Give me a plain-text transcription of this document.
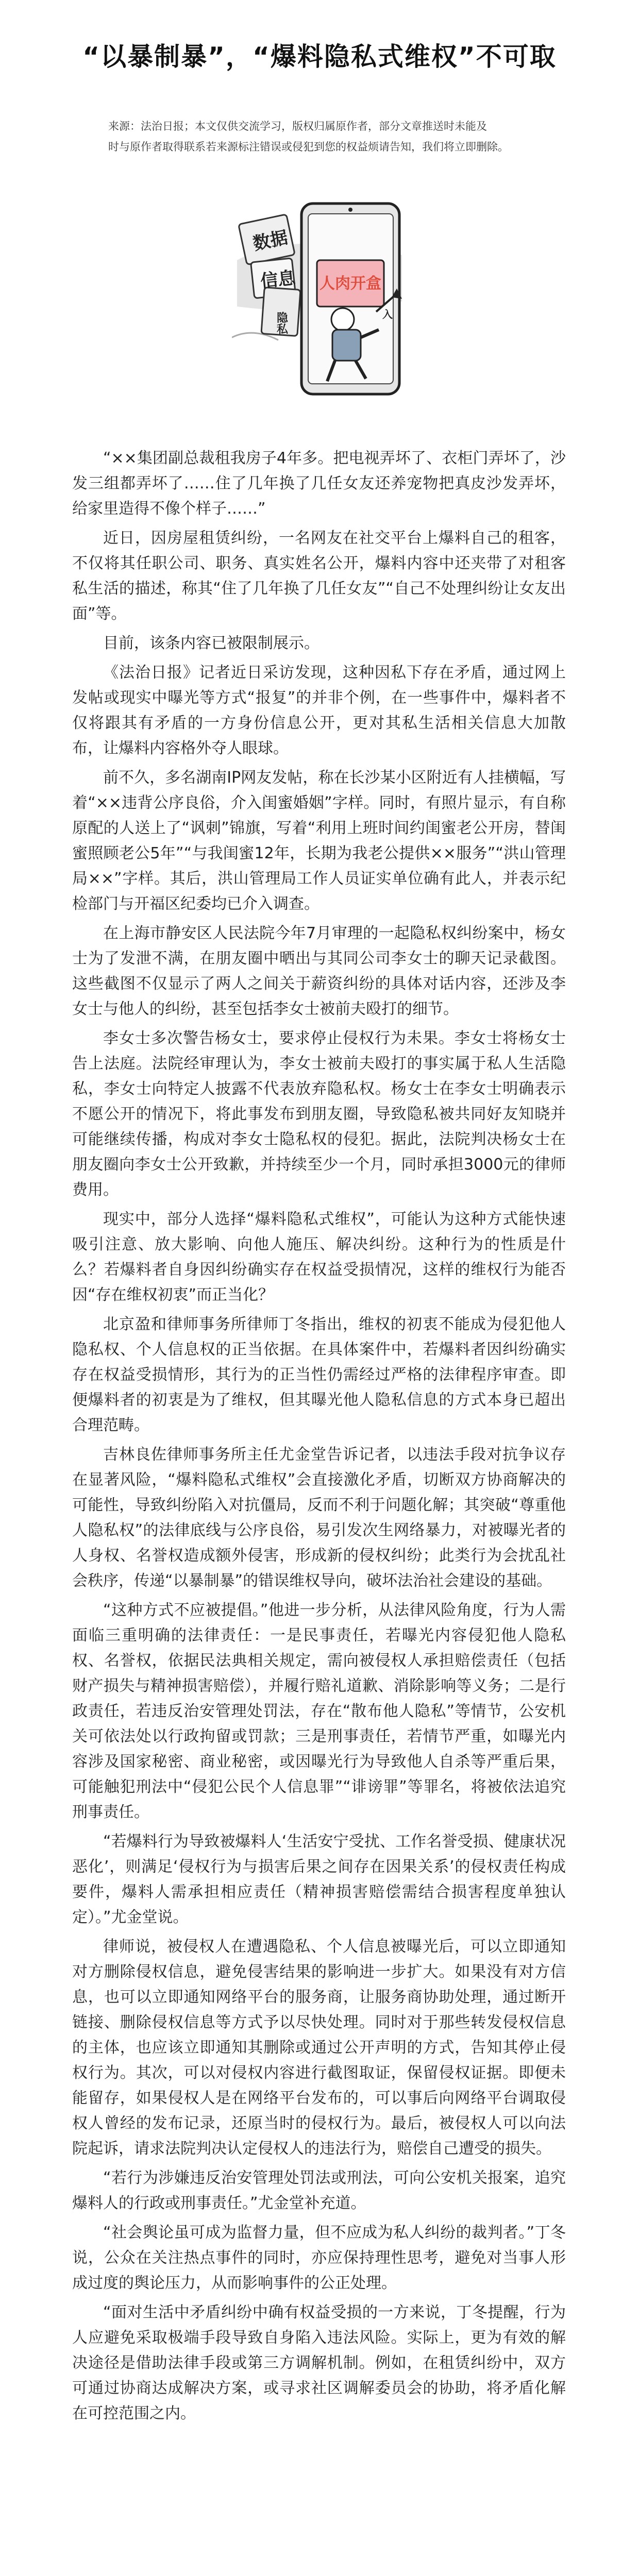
“以暴制暴”，“爆料隐私式维权”不可取
来源：法治日报；本文仅供交流学习，版权归属原作者，部分文章推送时未能及
时与原作者取得联系若来源标注错误或侵犯到您的权益烦请告知，我们将立即删除。
数据
信息
隐私
人肉开盒
入

“××集团副总裁租我房子4年多。把电视弄坏了、衣柜门弄坏了，沙发三组都弄坏了……住了几年换了几任女友还养宠物把真皮沙发弄坏，给家里造得不像个样子……”

近日，因房屋租赁纠纷，一名网友在社交平台上爆料自己的租客，不仅将其任职公司、职务、真实姓名公开，爆料内容中还夹带了对租客私生活的描述，称其“住了几年换了几任女友”“自己不处理纠纷让女友出面”等。

目前，该条内容已被限制展示。

《法治日报》记者近日采访发现，这种因私下存在矛盾，通过网上发帖或现实中曝光等方式“报复”的并非个例，在一些事件中，爆料者不仅将跟其有矛盾的一方身份信息公开，更对其私生活相关信息大加散布，让爆料内容格外夺人眼球。

前不久，多名湖南IP网友发帖，称在长沙某小区附近有人挂横幅，写着“××违背公序良俗，介入闺蜜婚姻”字样。同时，有照片显示，有自称原配的人送上了“讽刺”锦旗，写着“利用上班时间约闺蜜老公开房，替闺蜜照顾老公5年”“与我闺蜜12年，长期为我老公提供××服务”“洪山管理局××”字样。其后，洪山管理局工作人员证实单位确有此人，并表示纪检部门与开福区纪委均已介入调查。

在上海市静安区人民法院今年7月审理的一起隐私权纠纷案中，杨女士为了发泄不满，在朋友圈中晒出与其同公司李女士的聊天记录截图。这些截图不仅显示了两人之间关于薪资纠纷的具体对话内容，还涉及李女士与他人的纠纷，甚至包括李女士被前夫殴打的细节。

李女士多次警告杨女士，要求停止侵权行为未果。李女士将杨女士告上法庭。法院经审理认为，李女士被前夫殴打的事实属于私人生活隐私，李女士向特定人披露不代表放弃隐私权。杨女士在李女士明确表示不愿公开的情况下，将此事发布到朋友圈，导致隐私被共同好友知晓并可能继续传播，构成对李女士隐私权的侵犯。据此，法院判决杨女士在朋友圈向李女士公开致歉，并持续至少一个月，同时承担3000元的律师费用。

现实中，部分人选择“爆料隐私式维权”，可能认为这种方式能快速吸引注意、放大影响、向他人施压、解决纠纷。这种行为的性质是什么？若爆料者自身因纠纷确实存在权益受损情况，这样的维权行为能否因“存在维权初衷”而正当化？

北京盈和律师事务所律师丁冬指出，维权的初衷不能成为侵犯他人隐私权、个人信息权的正当依据。在具体案件中，若爆料者因纠纷确实存在权益受损情形，其行为的正当性仍需经过严格的法律程序审查。即便爆料者的初衷是为了维权，但其曝光他人隐私信息的方式本身已超出合理范畴。

吉林良佐律师事务所主任尤金堂告诉记者，以违法手段对抗争议存在显著风险，“爆料隐私式维权”会直接激化矛盾，切断双方协商解决的可能性，导致纠纷陷入对抗僵局，反而不利于问题化解；其突破“尊重他人隐私权”的法律底线与公序良俗，易引发次生网络暴力，对被曝光者的人身权、名誉权造成额外侵害，形成新的侵权纠纷；此类行为会扰乱社会秩序，传递“以暴制暴”的错误维权导向，破坏法治社会建设的基础。

“这种方式不应被提倡。”他进一步分析，从法律风险角度，行为人需面临三重明确的法律责任：一是民事责任，若曝光内容侵犯他人隐私权、名誉权，依据民法典相关规定，需向被侵权人承担赔偿责任（包括财产损失与精神损害赔偿），并履行赔礼道歉、消除影响等义务；二是行政责任，若违反治安管理处罚法，存在“散布他人隐私”等情节，公安机关可依法处以行政拘留或罚款；三是刑事责任，若情节严重，如曝光内容涉及国家秘密、商业秘密，或因曝光行为导致他人自杀等严重后果，可能触犯刑法中“侵犯公民个人信息罪”“诽谤罪”等罪名，将被依法追究刑事责任。

“若爆料行为导致被爆料人‘生活安宁受扰、工作名誉受损、健康状况恶化’，则满足‘侵权行为与损害后果之间存在因果关系’的侵权责任构成要件，爆料人需承担相应责任（精神损害赔偿需结合损害程度单独认定）。”尤金堂说。

律师说，被侵权人在遭遇隐私、个人信息被曝光后，可以立即通知对方删除侵权信息，避免侵害结果的影响进一步扩大。如果没有对方信息，也可以立即通知网络平台的服务商，让服务商协助处理，通过断开链接、删除侵权信息等方式予以尽快处理。同时对于那些转发侵权信息的主体，也应该立即通知其删除或通过公开声明的方式，告知其停止侵权行为。其次，可以对侵权内容进行截图取证，保留侵权证据。即便未能留存，如果侵权人是在网络平台发布的，可以事后向网络平台调取侵权人曾经的发布记录，还原当时的侵权行为。最后，被侵权人可以向法院起诉，请求法院判决认定侵权人的违法行为，赔偿自己遭受的损失。

“若行为涉嫌违反治安管理处罚法或刑法，可向公安机关报案，追究爆料人的行政或刑事责任。”尤金堂补充道。

“社会舆论虽可成为监督力量，但不应成为私人纠纷的裁判者。”丁冬说，公众在关注热点事件的同时，亦应保持理性思考，避免对当事人形成过度的舆论压力，从而影响事件的公正处理。

“面对生活中矛盾纠纷中确有权益受损的一方来说，丁冬提醒，行为人应避免采取极端手段导致自身陷入违法风险。实际上，更为有效的解决途径是借助法律手段或第三方调解机制。例如，在租赁纠纷中，双方可通过协商达成解决方案，或寻求社区调解委员会的协助，将矛盾化解在可控范围之内。
